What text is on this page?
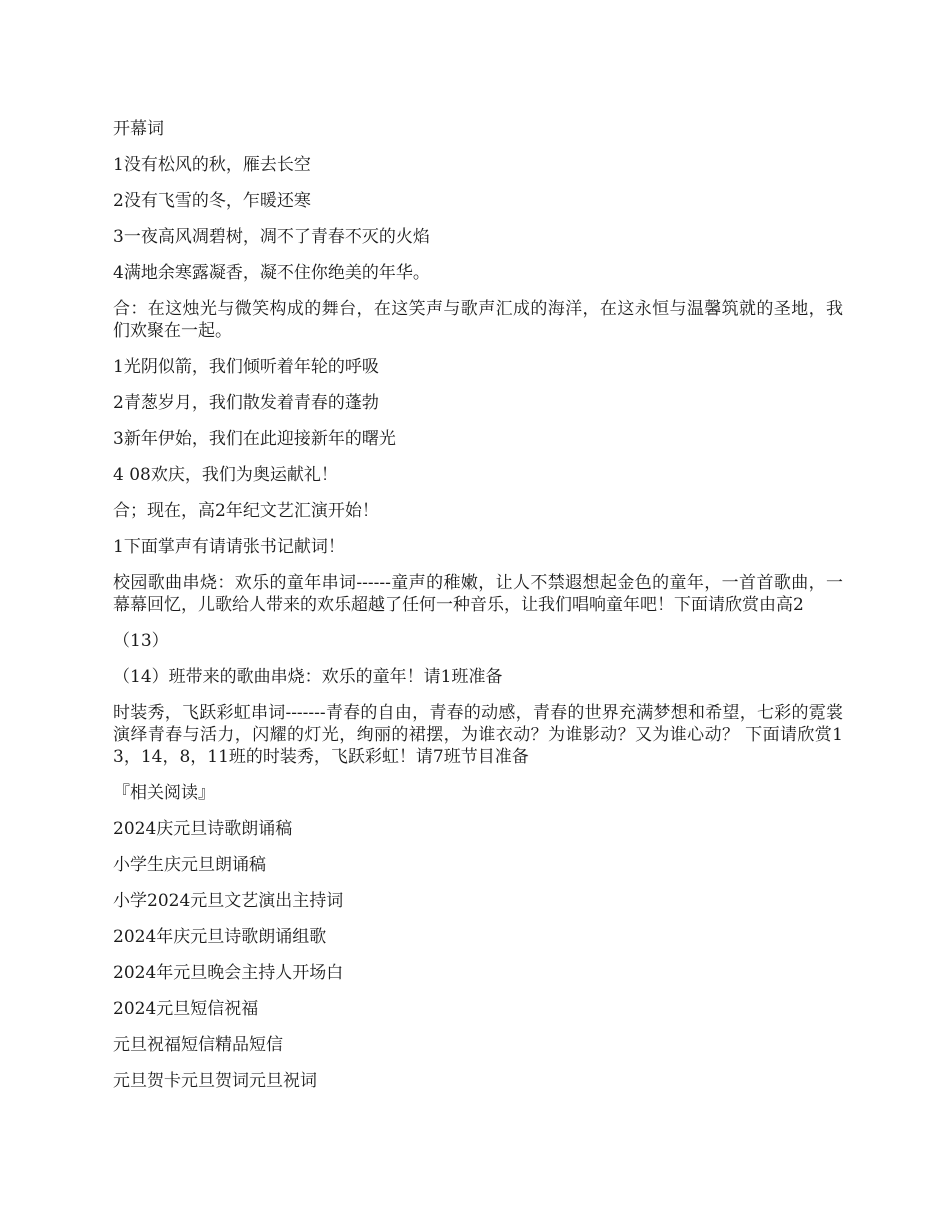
开幕词

1没有松风的秋，雁去长空

2没有飞雪的冬，乍暖还寒

3一夜高风凋碧树，凋不了青春不灭的火焰

4满地余寒露凝香，凝不住你绝美的年华。

合：在这烛光与微笑构成的舞台，在这笑声与歌声汇成的海洋，在这永恒与温馨筑就的圣地，我们欢聚在一起。

1光阴似箭，我们倾听着年轮的呼吸

2青葱岁月，我们散发着青春的蓬勃

3新年伊始，我们在此迎接新年的曙光

4 08欢庆，我们为奥运献礼！

合；现在，高2年纪文艺汇演开始！

1下面掌声有请请张书记献词！

校园歌曲串烧：欢乐的童年串词------童声的稚嫩，让人不禁遐想起金色的童年，一首首歌曲，一幕幕回忆，儿歌给人带来的欢乐超越了任何一种音乐，让我们唱响童年吧！下面请欣赏由高2

（13）

（14）班带来的歌曲串烧：欢乐的童年！请1班准备

时装秀，飞跃彩虹串词-------青春的自由，青春的动感，青春的世界充满梦想和希望，七彩的霓裳演绎青春与活力，闪耀的灯光，绚丽的裙摆，为谁衣动？为谁影动？又为谁心动？ 下面请欣赏13，14，8，11班的时装秀，飞跃彩虹！请7班节目准备

『相关阅读』

2024庆元旦诗歌朗诵稿

小学生庆元旦朗诵稿

小学2024元旦文艺演出主持词

2024年庆元旦诗歌朗诵组歌

2024年元旦晚会主持人开场白

2024元旦短信祝福

元旦祝福短信精品短信

元旦贺卡元旦贺词元旦祝词
